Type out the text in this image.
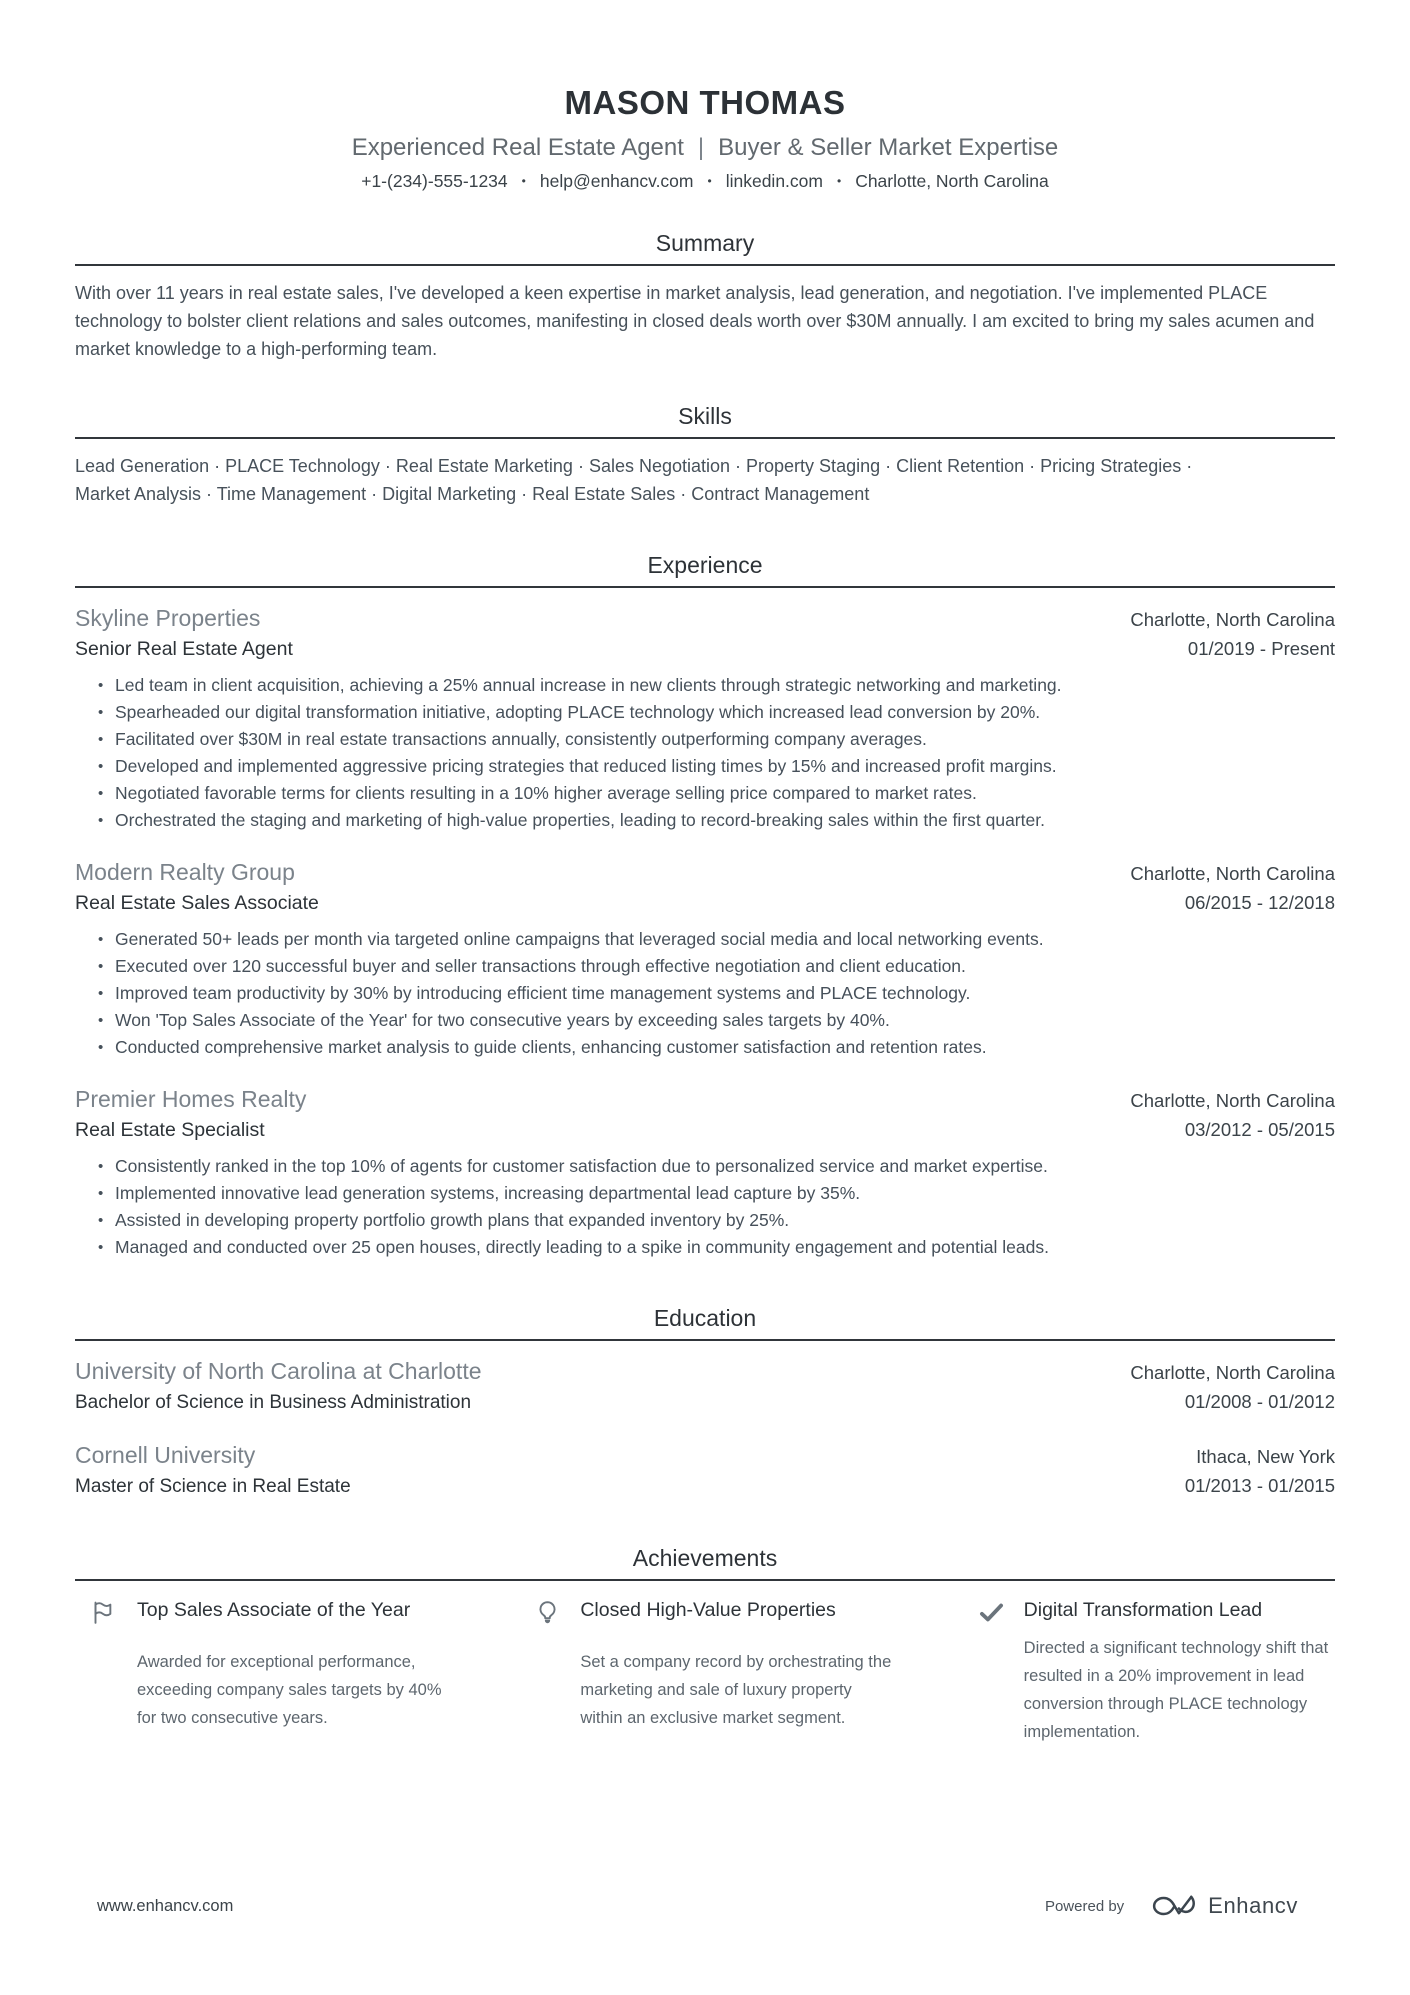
MASON THOMAS
Experienced Real Estate Agent | Buyer & Seller Market Expertise
+1-(234)-555-1234 • help@enhancv.com • linkedin.com • Charlotte, North Carolina
Summary

With over 11 years in real estate sales, I've developed a keen expertise in market analysis, lead generation, and negotiation. I've implemented PLACE technology to bolster client relations and sales outcomes, manifesting in closed deals worth over $30M annually. I am excited to bring my sales acumen and market knowledge to a high-performing team.

Skills

Lead Generation · PLACE Technology · Real Estate Marketing · Sales Negotiation · Property Staging · Client Retention · Pricing Strategies · Market Analysis · Time Management · Digital Marketing · Real Estate Sales · Contract Management

Experience
Skyline Properties	Charlotte, North Carolina
Senior Real Estate Agent	01/2019 - Present
• Led team in client acquisition, achieving a 25% annual increase in new clients through strategic networking and marketing.
• Spearheaded our digital transformation initiative, adopting PLACE technology which increased lead conversion by 20%.
• Facilitated over $30M in real estate transactions annually, consistently outperforming company averages.
• Developed and implemented aggressive pricing strategies that reduced listing times by 15% and increased profit margins.
• Negotiated favorable terms for clients resulting in a 10% higher average selling price compared to market rates.
• Orchestrated the staging and marketing of high-value properties, leading to record-breaking sales within the first quarter.
Modern Realty Group	Charlotte, North Carolina
Real Estate Sales Associate	06/2015 - 12/2018
• Generated 50+ leads per month via targeted online campaigns that leveraged social media and local networking events.
• Executed over 120 successful buyer and seller transactions through effective negotiation and client education.
• Improved team productivity by 30% by introducing efficient time management systems and PLACE technology.
• Won 'Top Sales Associate of the Year' for two consecutive years by exceeding sales targets by 40%.
• Conducted comprehensive market analysis to guide clients, enhancing customer satisfaction and retention rates.
Premier Homes Realty	Charlotte, North Carolina
Real Estate Specialist	03/2012 - 05/2015
• Consistently ranked in the top 10% of agents for customer satisfaction due to personalized service and market expertise.
• Implemented innovative lead generation systems, increasing departmental lead capture by 35%.
• Assisted in developing property portfolio growth plans that expanded inventory by 25%.
• Managed and conducted over 25 open houses, directly leading to a spike in community engagement and potential leads.
Education
University of North Carolina at Charlotte	Charlotte, North Carolina
Bachelor of Science in Business Administration	01/2008 - 01/2012
Cornell University	Ithaca, New York
Master of Science in Real Estate	01/2013 - 01/2015
Achievements
Top Sales Associate of the Year
Awarded for exceptional performance, exceeding company sales targets by 40% for two consecutive years.
Closed High-Value Properties
Set a company record by orchestrating the marketing and sale of luxury property within an exclusive market segment.
Digital Transformation Lead
Directed a significant technology shift that resulted in a 20% improvement in lead conversion through PLACE technology implementation.
www.enhancv.com	Powered by	Enhancv
